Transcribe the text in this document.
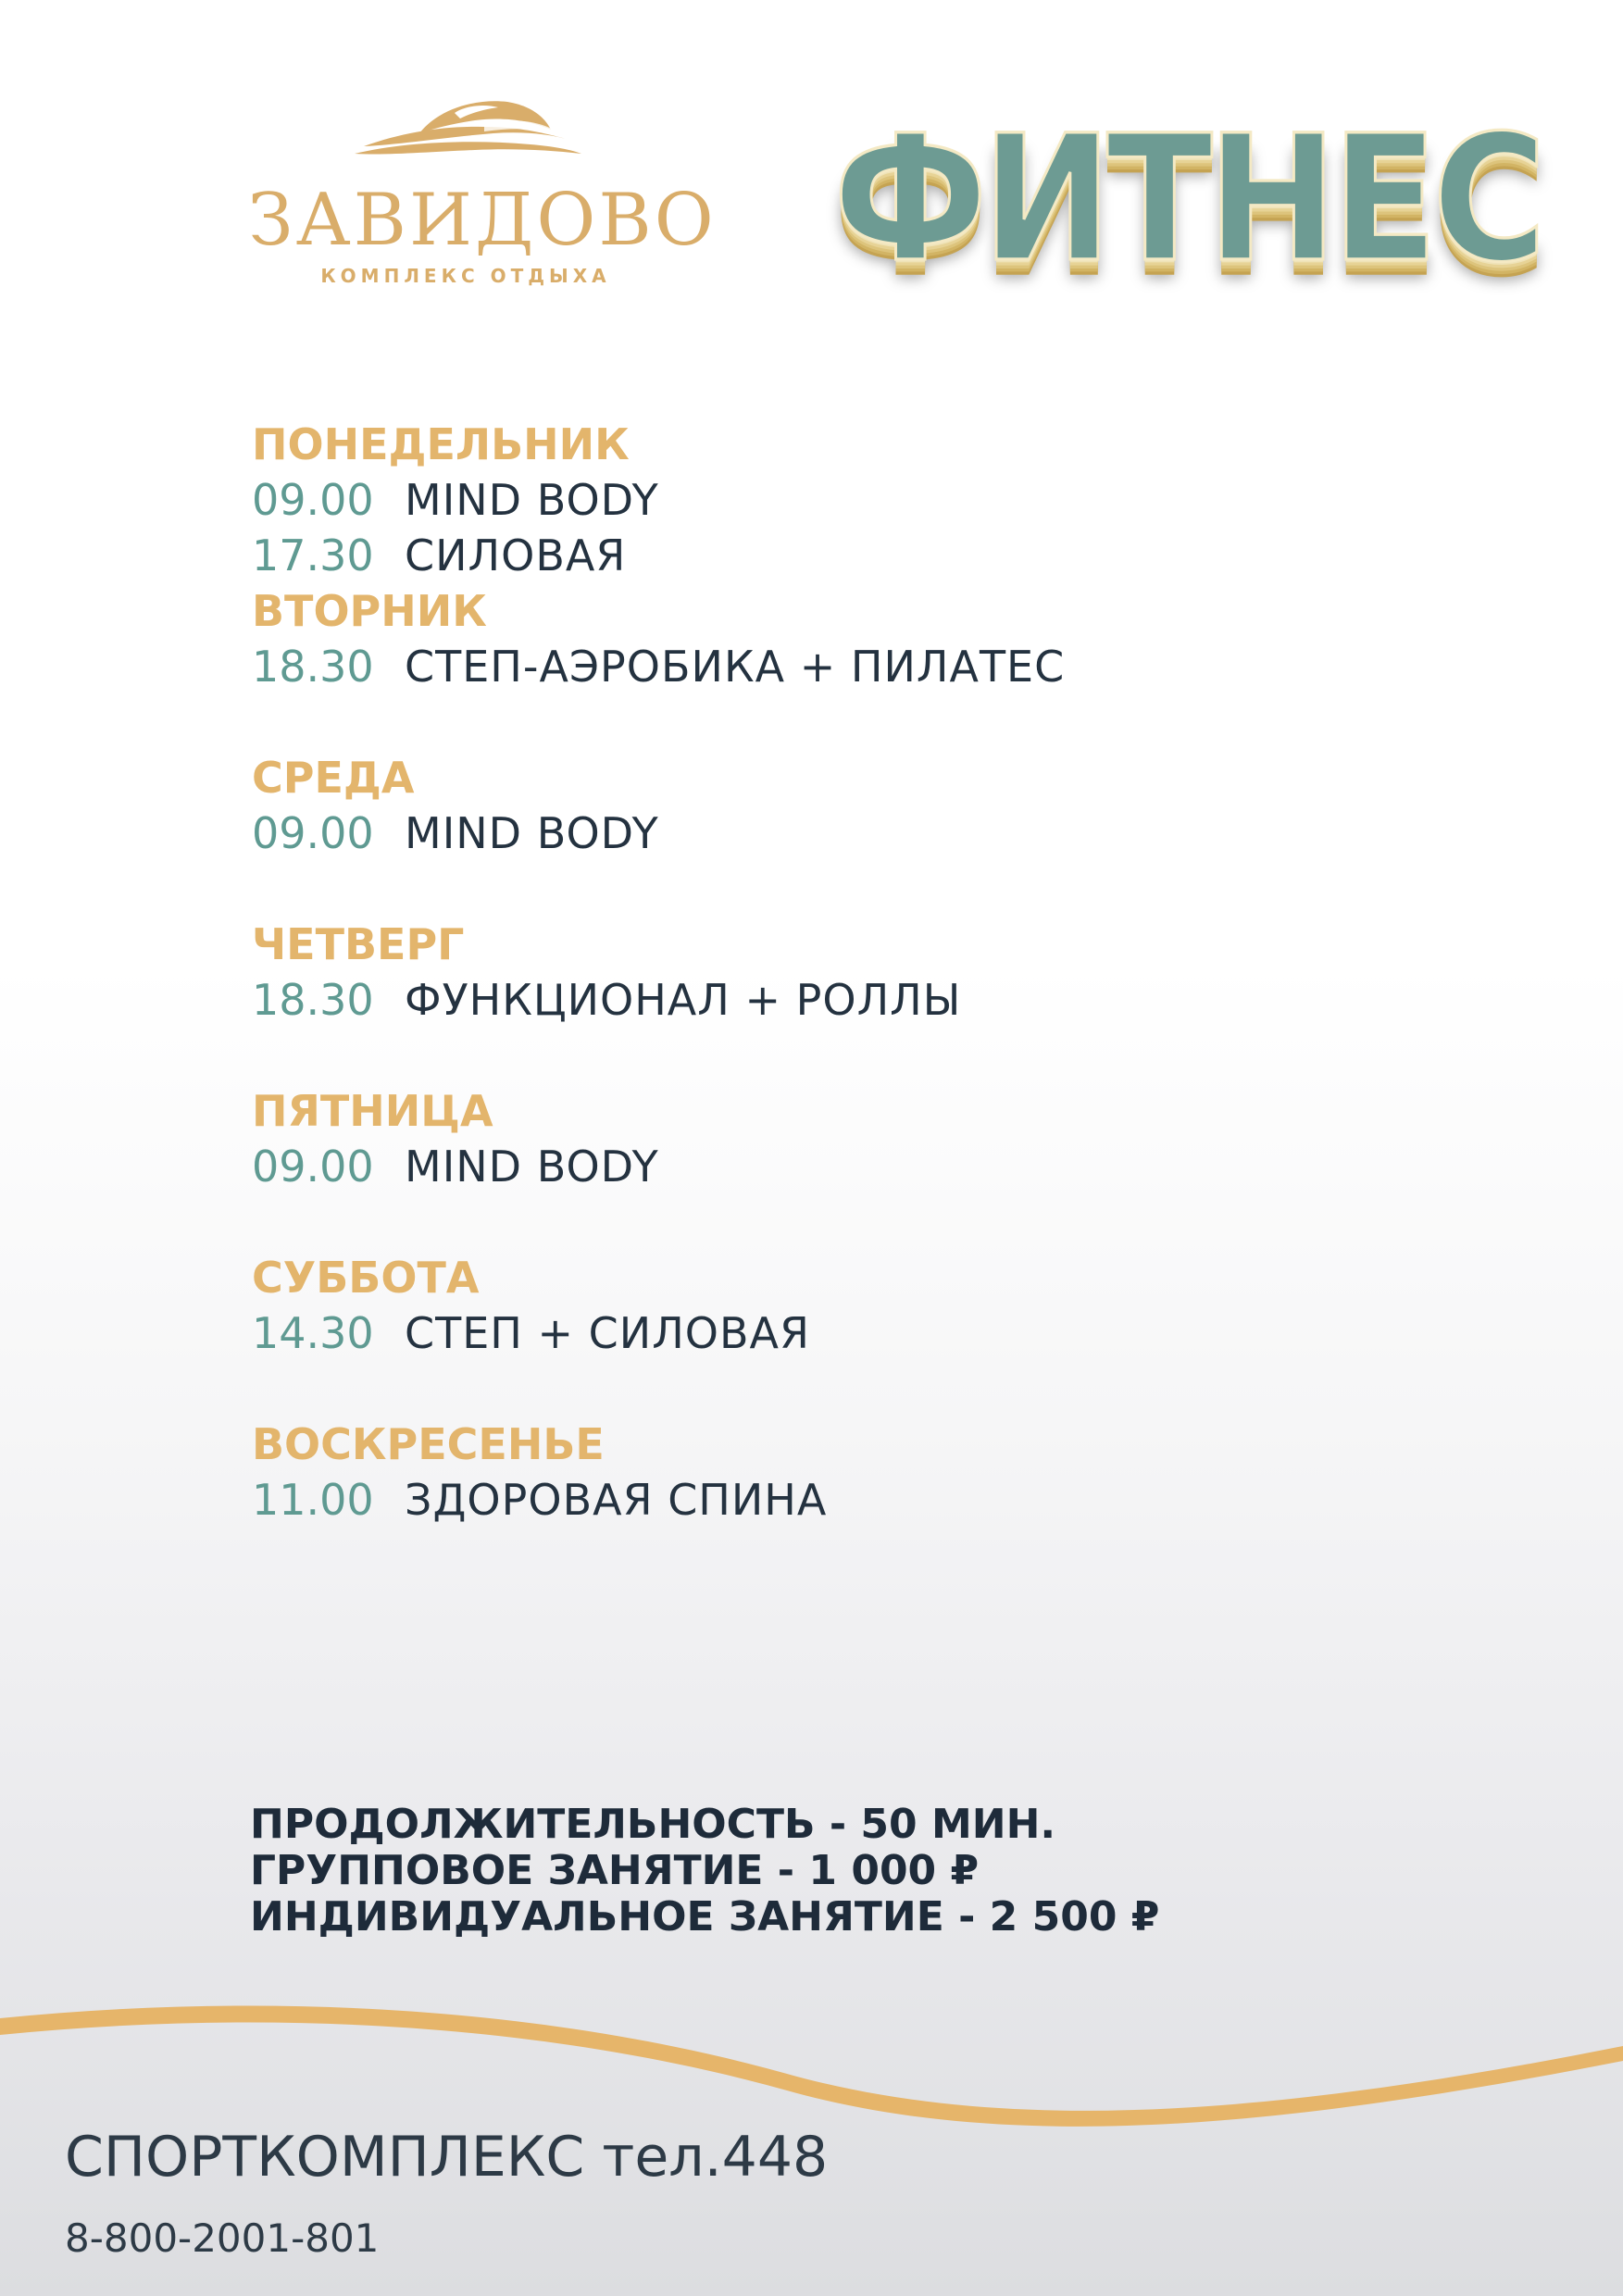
ЗАВИДОВО
КОМПЛЕКС ОТДЫХА	ФИТНЕС
ПОНЕДЕЛЬНИК
09.00 MIND BODY
17.30 СИЛОВАЯ
ВТОРНИК
18.30 СТЕП-АЭРОБИКА + ПИЛАТЕС
СРЕДА
09.00 MIND BODY
ЧЕТВЕРГ
18.30 ФУНКЦИОНАЛ + РОЛЛЫ
ПЯТНИЦА
09.00 MIND BODY
СУББОТА
14.30 СТЕП + СИЛОВАЯ
ВОСКРЕСЕНЬЕ
11.00 ЗДОРОВАЯ СПИНА
ПРОДОЛЖИТЕЛЬНОСТЬ - 50 МИН.
ГРУППОВОЕ ЗАНЯТИЕ - 1 000 ₽
ИНДИВИДУАЛЬНОЕ ЗАНЯТИЕ - 2 500 ₽
СПОРТКОМПЛЕКС тел.448
8-800-2001-801
